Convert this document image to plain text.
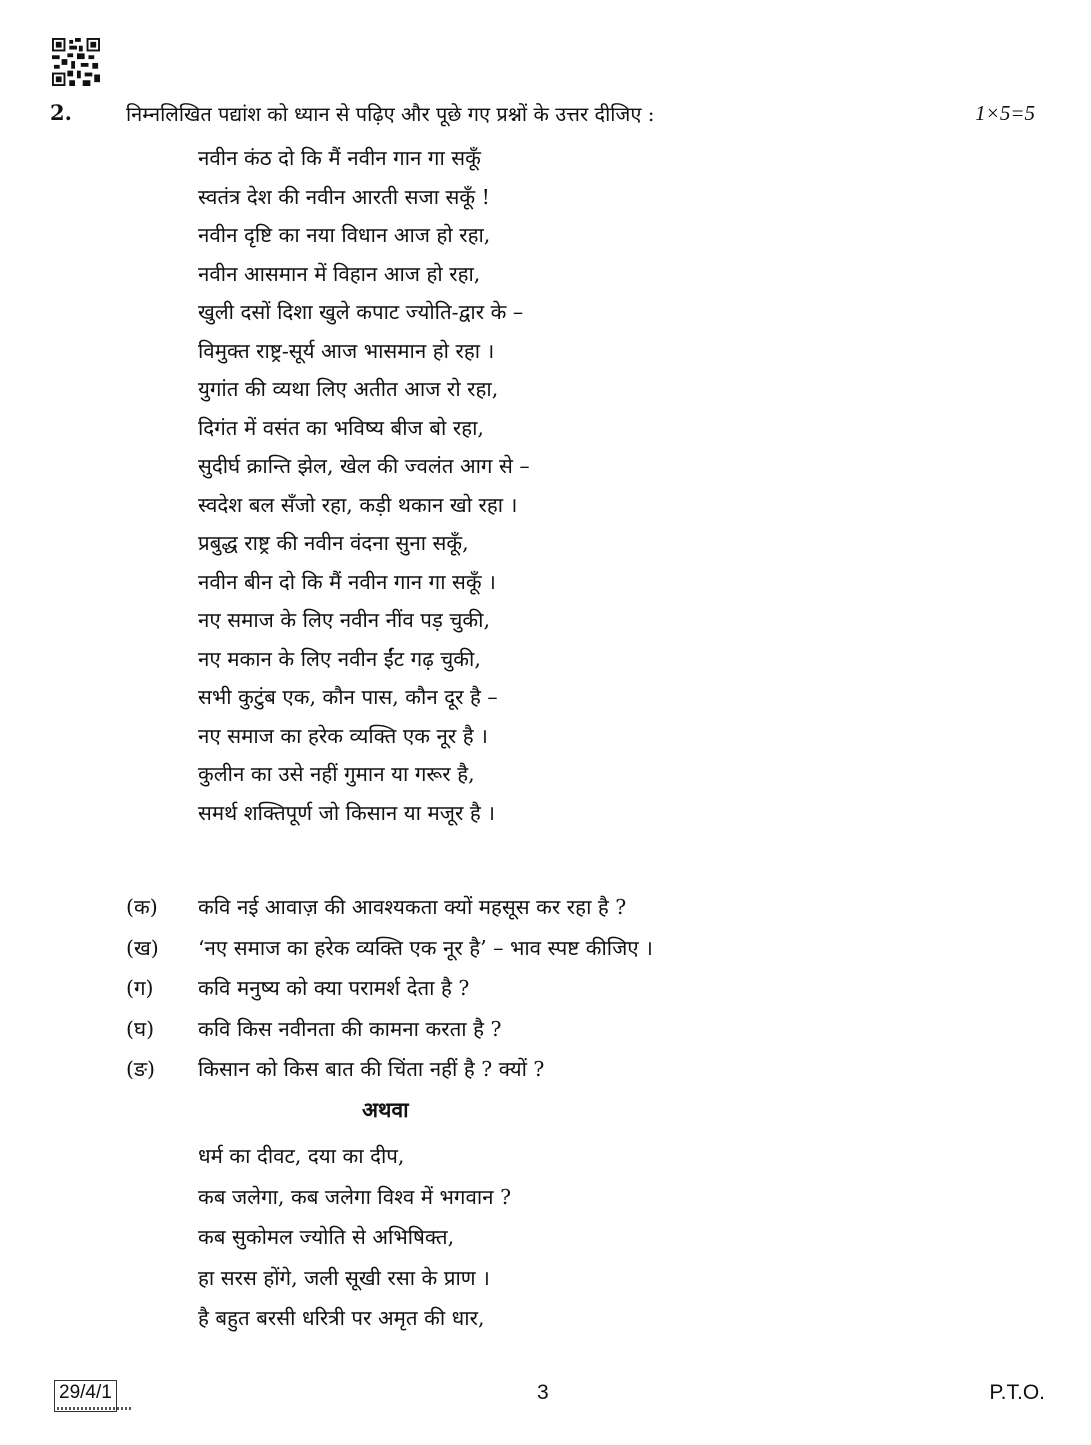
2.	निम्नलिखित पद्यांश को ध्यान से पढ़िए और पूछे गए प्रश्नों के उत्तर दीजिए :	1×5=5
नवीन कंठ दो कि मैं नवीन गान गा सकूँ
स्वतंत्र देश की नवीन आरती सजा सकूँ !
नवीन दृष्टि का नया विधान आज हो रहा,
नवीन आसमान में विहान आज हो रहा,
खुली दसों दिशा खुले कपाट ज्योति-द्वार के –
विमुक्त राष्ट्र-सूर्य आज भासमान हो रहा ।
युगांत की व्यथा लिए अतीत आज रो रहा,
दिगंत में वसंत का भविष्य बीज बो रहा,
सुदीर्घ क्रान्ति झेल, खेल की ज्वलंत आग से –
स्वदेश बल सँजो रहा, कड़ी थकान खो रहा ।
प्रबुद्ध राष्ट्र की नवीन वंदना सुना सकूँ,
नवीन बीन दो कि मैं नवीन गान गा सकूँ ।
नए समाज के लिए नवीन नींव पड़ चुकी,
नए मकान के लिए नवीन ईंट गढ़ चुकी,
सभी कुटुंब एक, कौन पास, कौन दूर है –
नए समाज का हरेक व्यक्ति एक नूर है ।
कुलीन का उसे नहीं गुमान या गरूर है,
समर्थ शक्तिपूर्ण जो किसान या मजूर है ।
(क)	कवि नई आवाज़ की आवश्यकता क्यों महसूस कर रहा है ?
(ख)	‘नए समाज का हरेक व्यक्ति एक नूर है’ – भाव स्पष्ट कीजिए ।
(ग)	कवि मनुष्य को क्या परामर्श देता है ?
(घ)	कवि किस नवीनता की कामना करता है ?
(ङ)	किसान को किस बात की चिंता नहीं है ? क्यों ?
अथवा
धर्म का दीवट, दया का दीप,
कब जलेगा, कब जलेगा विश्व में भगवान ?
कब सुकोमल ज्योति से अभिषिक्त,
हा सरस होंगे, जली सूखी रसा के प्राण ।
है बहुत बरसी धरित्री पर अमृत की धार,
29/4/1	3	P.T.O.
